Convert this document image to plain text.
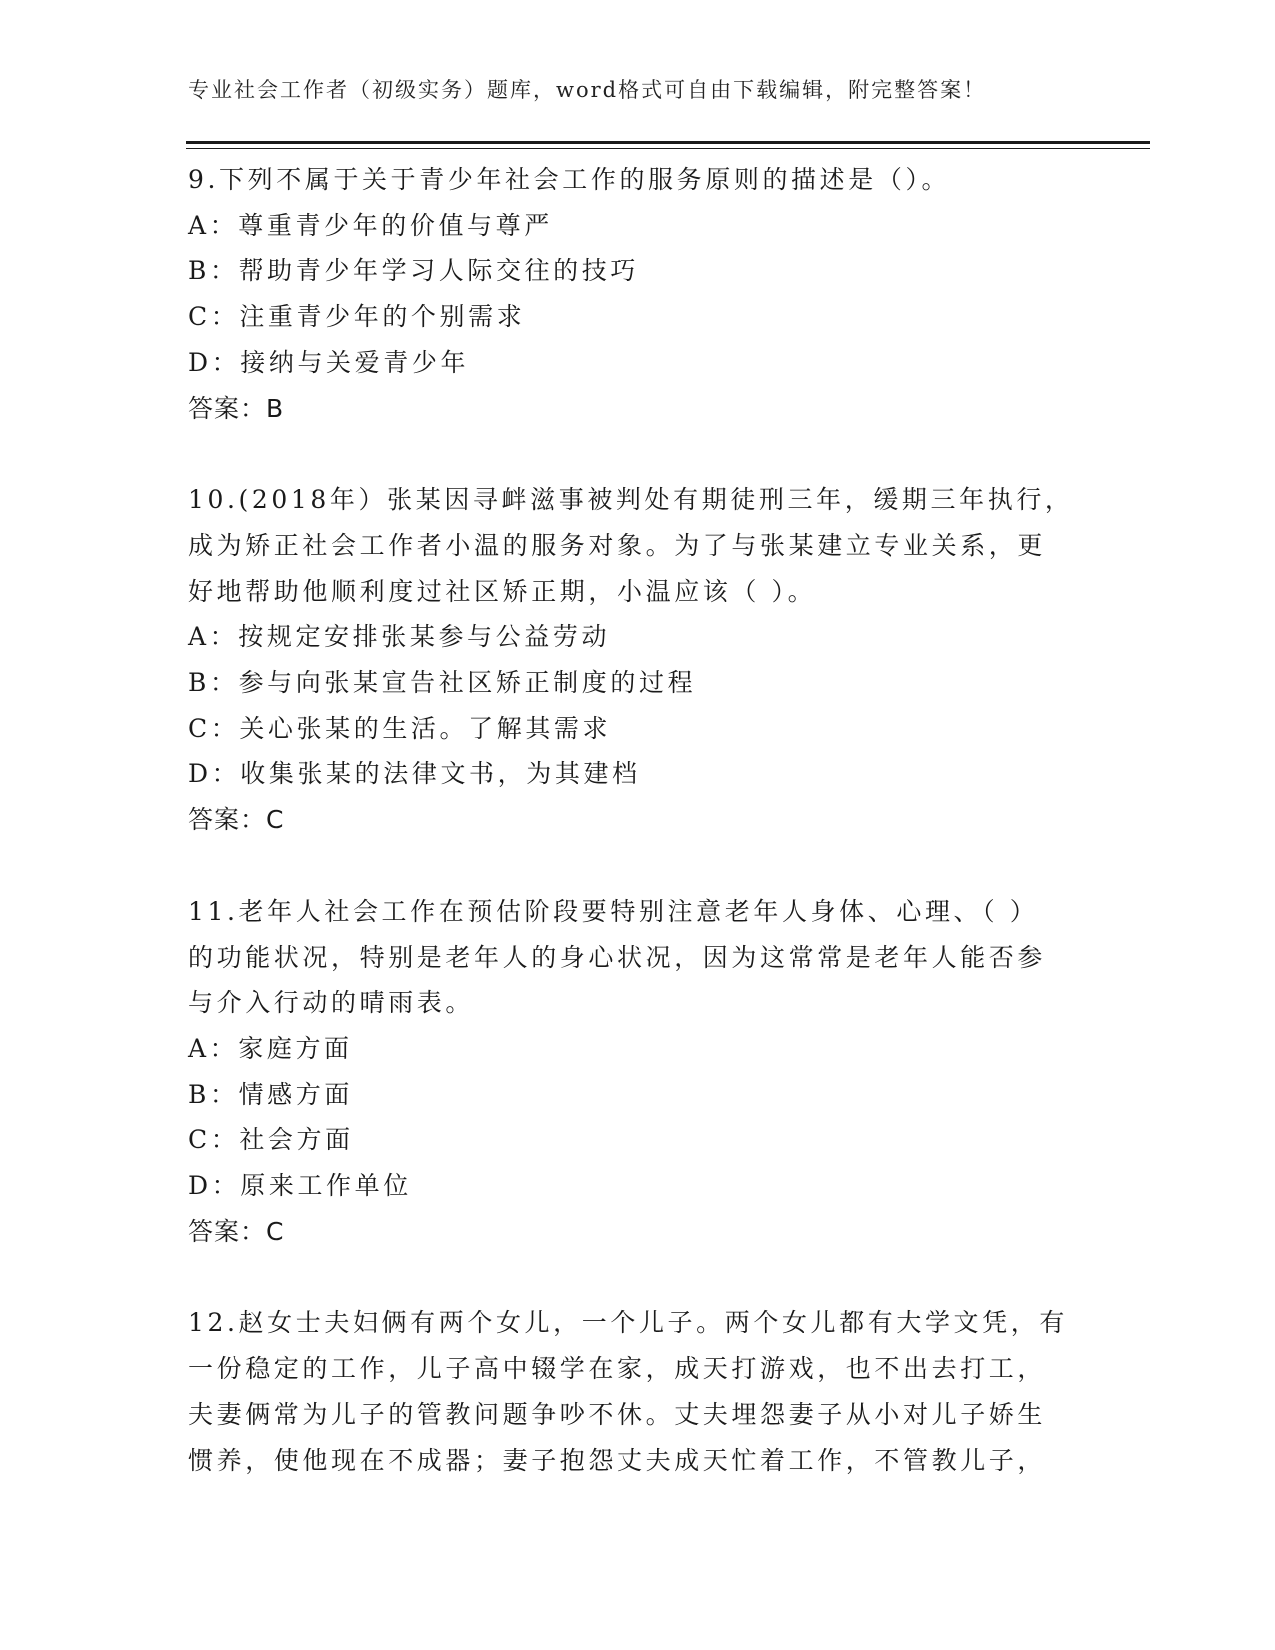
专业社会工作者（初级实务）题库，word格式可自由下载编辑，附完整答案！
9.下列不属于关于青少年社会工作的服务原则的描述是（）。
A：尊重青少年的价值与尊严
B：帮助青少年学习人际交往的技巧
C：注重青少年的个别需求
D：接纳与关爱青少年
答案：B
10.(2018年）张某因寻衅滋事被判处有期徒刑三年，缓期三年执行，
成为矫正社会工作者小温的服务对象。为了与张某建立专业关系，更
好地帮助他顺利度过社区矫正期，小温应该（ ）。
A：按规定安排张某参与公益劳动
B：参与向张某宣告社区矫正制度的过程
C：关心张某的生活。了解其需求
D：收集张某的法律文书，为其建档
答案：C
11.老年人社会工作在预估阶段要特别注意老年人身体、心理、（ ）
的功能状况，特别是老年人的身心状况，因为这常常是老年人能否参
与介入行动的晴雨表。
A：家庭方面
B：情感方面
C：社会方面
D：原来工作单位
答案：C
12.赵女士夫妇俩有两个女儿，一个儿子。两个女儿都有大学文凭，有
一份稳定的工作，儿子高中辍学在家，成天打游戏，也不出去打工，
夫妻俩常为儿子的管教问题争吵不休。丈夫埋怨妻子从小对儿子娇生
惯养，使他现在不成器；妻子抱怨丈夫成天忙着工作，不管教儿子，
